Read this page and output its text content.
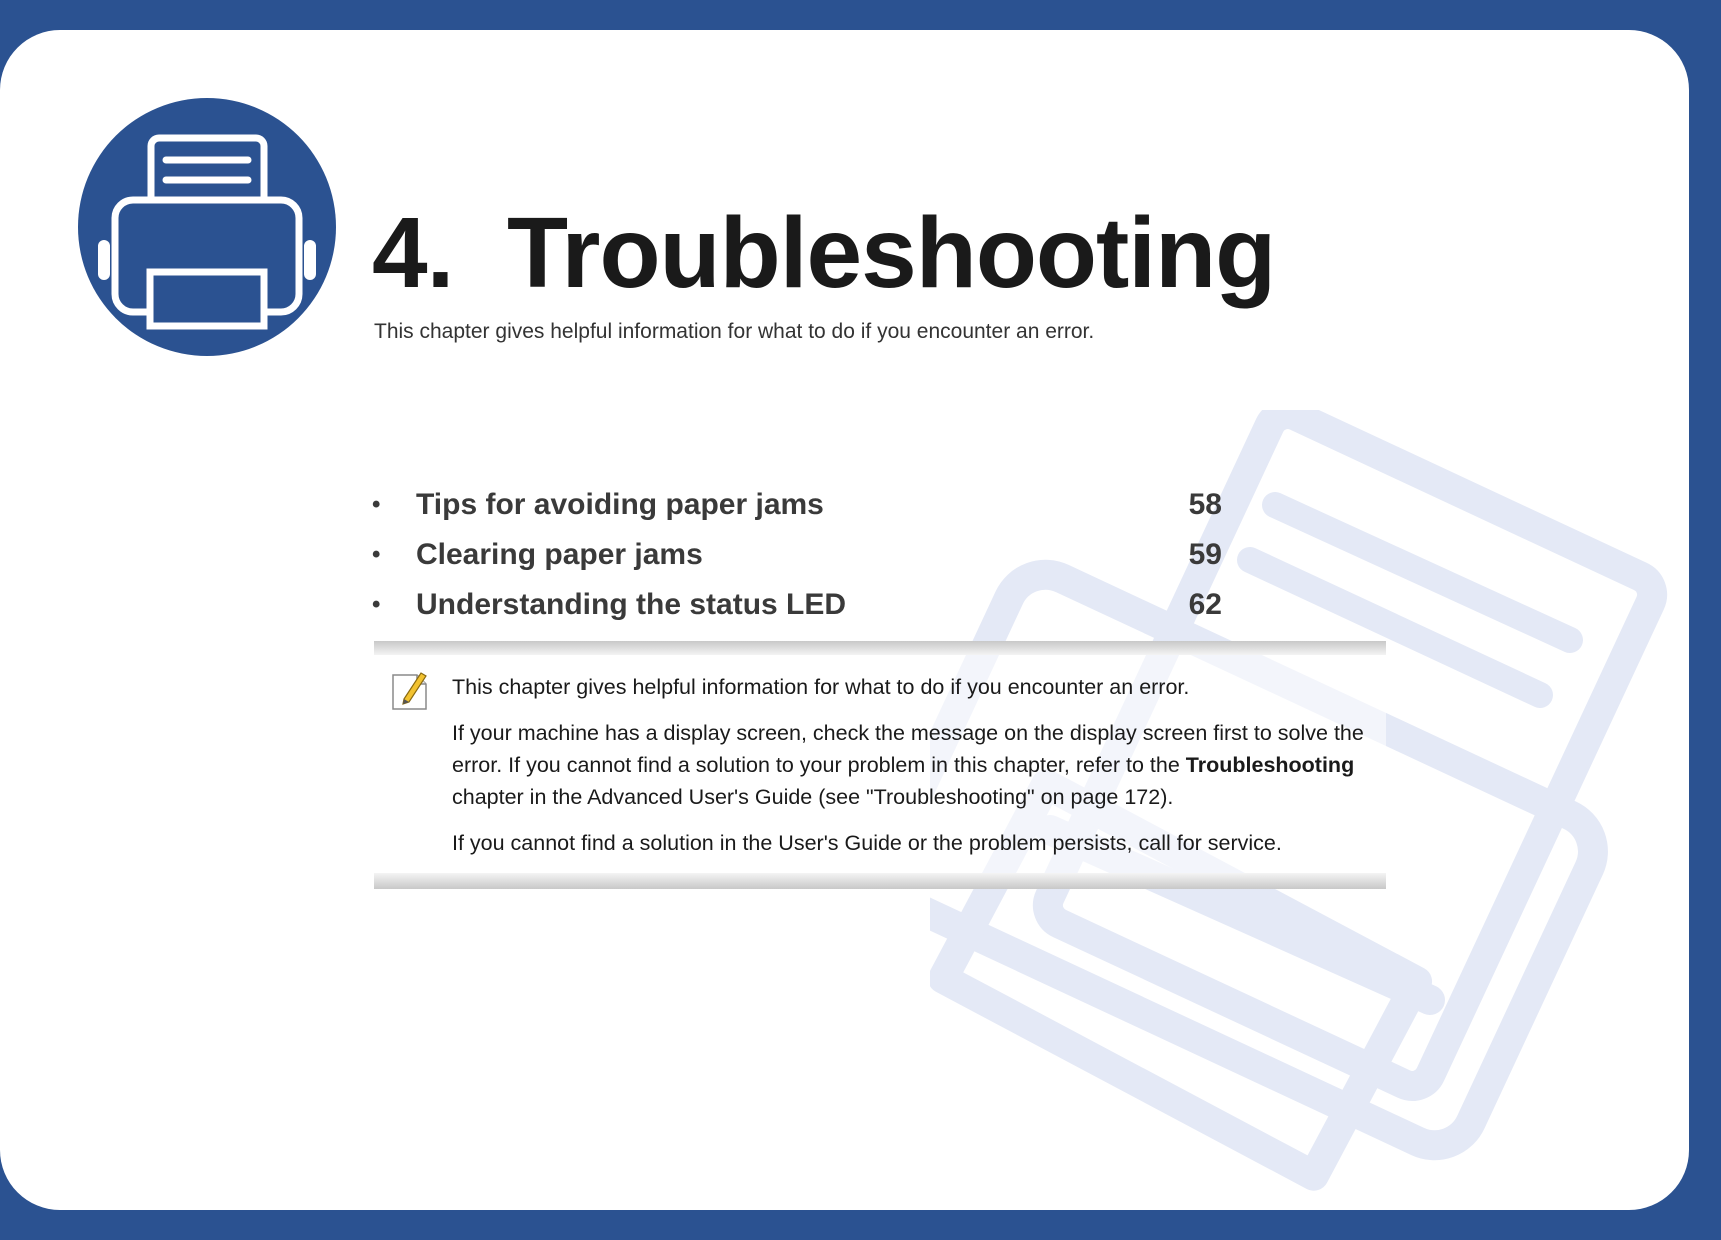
4. Troubleshooting

This chapter gives helpful information for what to do if you encounter an error.

•	Tips for avoiding paper jams	58
•	Clearing paper jams	59
•	Understanding the status LED	62

This chapter gives helpful information for what to do if you encounter an error.

If your machine has a display screen, check the message on the display screen first to solve the error. If you cannot find a solution to your problem in this chapter, refer to the Troubleshooting chapter in the Advanced User's Guide (see "Troubleshooting" on page 172).

If you cannot find a solution in the User's Guide or the problem persists, call for service.
